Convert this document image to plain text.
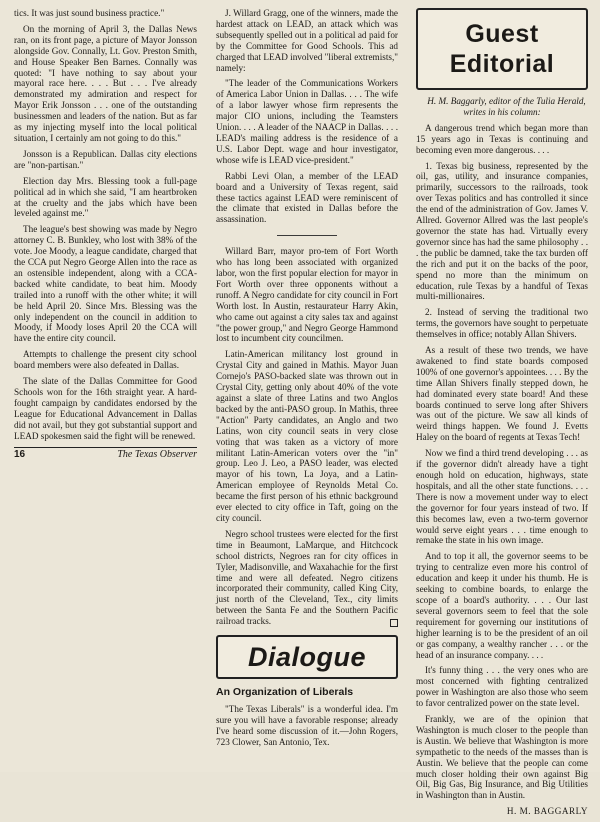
tics. It was just sound business practice."

On the morning of April 3, the Dallas News ran, on its front page, a picture of Mayor Jonsson alongside Gov. Connally, Lt. Gov. Preston Smith, and House Speaker Ben Barnes. Connally was quoted: "I have nothing to say about your mayoral race here. . . . But . . . I've already demonstrated my admiration and respect for Mayor Erik Jonsson . . . one of the outstanding businessmen and leaders of the nation. But as far as my injecting myself into the local political situation, I certainly am not going to do this."

Jonsson is a Republican. Dallas city elections are "non-partisan."

Election day Mrs. Blessing took a full-page political ad in which she said, "I am heartbroken at the cruelty and the jabs which have been leveled against me."

The league's best showing was made by Negro attorney C. B. Bunkley, who lost with 38% of the vote. Joe Moody, a league candidate, charged that the CCA put Negro George Allen into the race as an ostensible independent, along with a CCA-backed white candidate, to beat him. Moody trailed into a runoff with the other white; it will be held April 20. Since Mrs. Blessing was the only independent on the council in addition to Moody, if Moody loses April 20 the CCA will have the entire city council.

Attempts to challenge the present city school board members were also defeated in Dallas.

The slate of the Dallas Committee for Good Schools won for the 16th straight year. A hard-fought campaign by candidates endorsed by the League for Educational Advancement in Dallas did not avail, but they got substantial support and LEAD spokesmen said the fight will be renewed.

16	The Texas Observer

J. Willard Gragg, one of the winners, made the hardest attack on LEAD, an attack which was subsequently spelled out in a political ad paid for by the Committee for Good Schools. This ad charged that LEAD involved "liberal extremists," namely:

"The leader of the Communications Workers of America Labor Union in Dallas. . . . The wife of a labor lawyer whose firm represents the major CIO unions, including the Teamsters Union. . . . A leader of the NAACP in Dallas. . . . LEAD's mailing address is the residence of a U.S. Labor Dept. wage and hour investigator, whose wife is LEAD vice-president."

Rabbi Levi Olan, a member of the LEAD board and a University of Texas regent, said these tactics against LEAD were reminiscent of the climate that existed in Dallas before the assassination.

Willard Barr, mayor pro-tem of Fort Worth who has long been associated with organized labor, won the first popular election for mayor in Fort Worth over three opponents without a runoff. A Negro candidate for city council in Fort Worth lost. In Austin, restaurateur Harry Akin, who came out against a city sales tax and against "the power group," and Negro George Hammond lost to incumbent city councilmen.

Latin-American militancy lost ground in Crystal City and gained in Mathis. Mayor Juan Cornejo's PASO-backed slate was thrown out in Crystal City, getting only about 40% of the vote against a slate of three Latins and two Anglos backed by the anti-PASO group. In Mathis, three "Action" Party candidates, an Anglo and two Latins, won city council seats in very close voting that was taken as a victory of more militant Latin-American voters over the "in" group. Leo J. Leo, a PASO leader, was elected mayor of his town, La Joya, and a Latin-American employee of Reynolds Metal Co. became the first person of his ethnic background ever elected to city office in Taft, going on the city council.

Negro school trustees were elected for the first time in Beaumont, LaMarque, and Hitchcock school districts, Negroes ran for city offices in Tyler, Madisonville, and Waxahachie for the first time and were all defeated. Negro citizens incorporated their community, called King City, just north of the Cleveland, Tex., city limits between the Santa Fe and the Southern Pacific railroad tracks.

Dialogue
An Organization of Liberals

"The Texas Liberals" is a wonderful idea. I'm sure you will have a favorable response; already I've heard some discussion of it.—John Rogers, 723 Clower, San Antonio, Tex.

Guest
Editorial

H. M. Baggarly, editor of the Tulia Herald, writes in his column:

A dangerous trend which began more than 15 years ago in Texas is continuing and becoming even more dangerous. . . .

1. Texas big business, represented by the oil, gas, utility, and insurance companies, primarily, successors to the railroads, took over Texas politics and has controlled it since the end of the administration of Gov. James V. Allred. Governor Allred was the last people's governor the state has had. Virtually every governor since has had the same philosophy . . . the public be damned, take the tax burden off the rich and put it on the backs of the poor, spend no more than the minimum on education, rule Texas by a handful of Texas multi-millionaires.

2. Instead of serving the traditional two terms, the governors have sought to perpetuate themselves in office; notably Allan Shivers.

As a result of these two trends, we have awakened to find state boards composed 100% of one governor's appointees. . . . By the time Allan Shivers finally stepped down, he had dominated every state board! And these boards continued to serve long after Shivers was out of the picture. We saw all kinds of weird things happen. We found J. Evetts Haley on the board of regents at Texas Tech!

Now we find a third trend developing . . . as if the governor didn't already have a tight enough hold on education, highways, state hospitals, and all the other state functions. . . . There is now a movement under way to elect the governor for four years instead of two. If this becomes law, even a two-term governor would serve eight years . . . time enough to remake the state in his own image.

And to top it all, the governor seems to be trying to centralize even more his control of education and keep it under his thumb. He is seeking to combine boards, to enlarge the scope of a board's authority. . . . Our last several governors seem to feel that the sole requirement for governing our institutions of higher learning is to be the president of an oil or gas company, a wealthy rancher . . . or the head of an insurance company. . . .

It's funny thing . . . the very ones who are most concerned with fighting centralized power in Washington are also those who seem to favor centralized power on the state level.

Frankly, we are of the opinion that Washington is much closer to the people than is Austin. We believe that Washington is more sympathetic to the needs of the masses than is Austin. We believe that the people can come much closer holding their own against Big Oil, Big Gas, Big Insurance, and Big Utilities in Washington than in Austin.

H. M. BAGGARLY
